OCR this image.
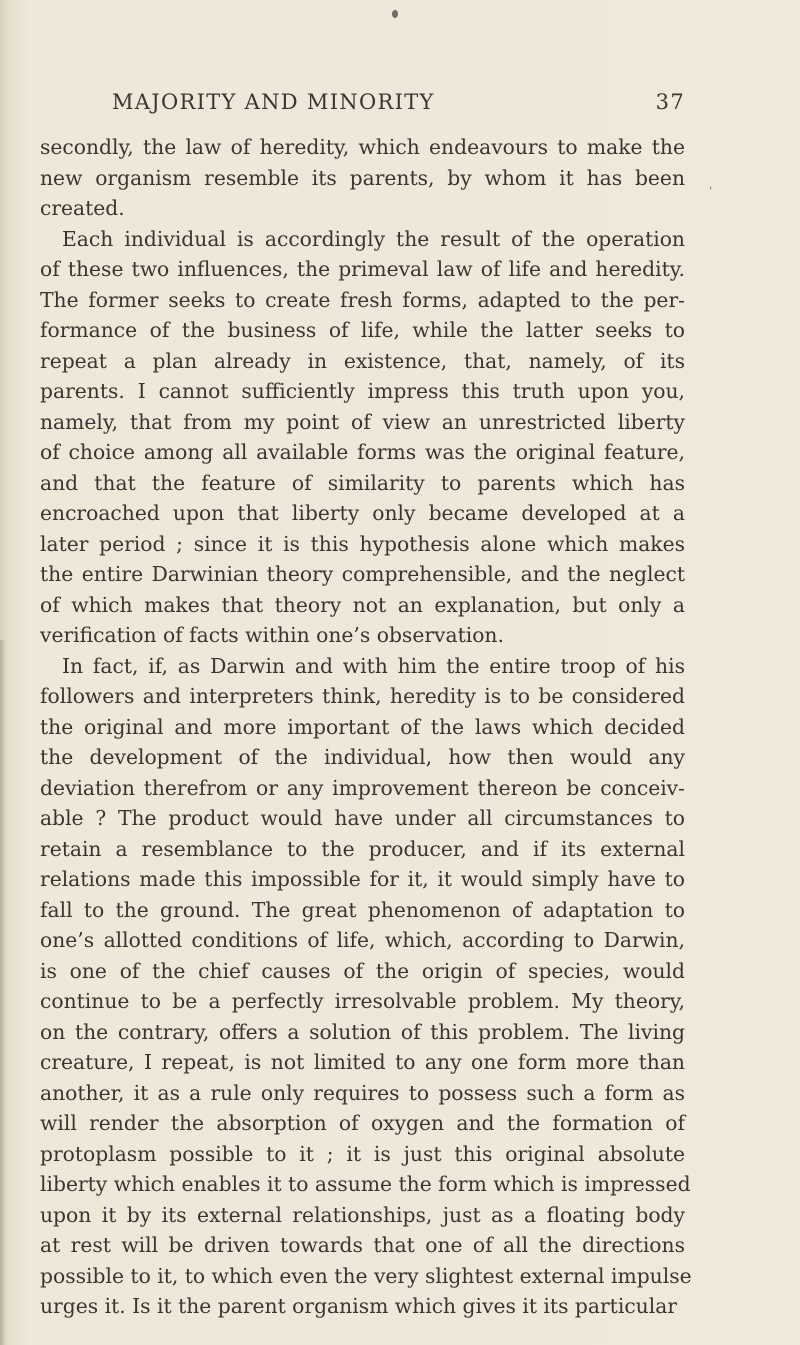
MAJORITY AND MINORITY	37
‘
secondly, the law of heredity, which endeavours to make the
new organism resemble its parents, by whom it has been
created.
Each individual is accordingly the result of the operation
of these two influences, the primeval law of life and heredity.
The former seeks to create fresh forms, adapted to the per-
formance of the business of life, while the latter seeks to
repeat a plan already in existence, that, namely, of its
parents. I cannot sufficiently impress this truth upon you,
namely, that from my point of view an unrestricted liberty
of choice among all available forms was the original feature,
and that the feature of similarity to parents which has
encroached upon that liberty only became developed at a
later period ; since it is this hypothesis alone which makes
the entire Darwinian theory comprehensible, and the neglect
of which makes that theory not an explanation, but only a
verification of facts within one’s observation.
In fact, if, as Darwin and with him the entire troop of his
followers and interpreters think, heredity is to be considered
the original and more important of the laws which decided
the development of the individual, how then would any
deviation therefrom or any improvement thereon be conceiv-
able ? The product would have under all circumstances to
retain a resemblance to the producer, and if its external
relations made this impossible for it, it would simply have to
fall to the ground. The great phenomenon of adaptation to
one’s allotted conditions of life, which, according to Darwin,
is one of the chief causes of the origin of species, would
continue to be a perfectly irresolvable problem. My theory,
on the contrary, offers a solution of this problem. The living
creature, I repeat, is not limited to any one form more than
another, it as a rule only requires to possess such a form as
will render the absorption of oxygen and the formation of
protoplasm possible to it ; it is just this original absolute
liberty which enables it to assume the form which is impressed
upon it by its external relationships, just as a floating body
at rest will be driven towards that one of all the directions
possible to it, to which even the very slightest external impulse
urges it. Is it the parent organism which gives it its particular
